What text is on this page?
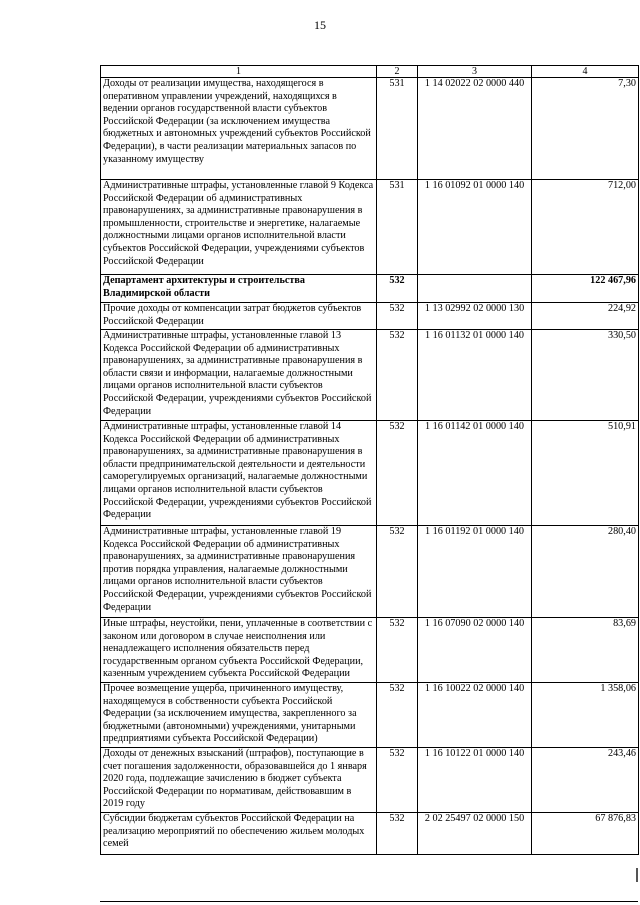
15
1	2	3	4
Доходы от реализации имущества, находящегося в оперативном управлении учреждений, находящихся в ведении органов государственной власти субъектов Российской Федерации (за исключением имущества бюджетных и автономных учреждений субъектов Российской Федерации), в части реализации материальных запасов по указанному имуществу	531	1 14 02022 02 0000 440	7,30
Административные штрафы, установленные главой 9 Кодекса Российской Федерации об административных правонарушениях, за административные правонарушения в промышленности, строительстве и энергетике, налагаемые должностными лицами органов исполнительной власти субъектов Российской Федерации, учреждениями субъектов Российской Федерации	531	1 16 01092 01 0000 140	712,00
Департамент архитектуры и строительства Владимирской области	532		122 467,96
Прочие доходы от компенсации затрат бюджетов субъектов Российской Федерации	532	1 13 02992 02 0000 130	224,92
Административные штрафы, установленные главой 13 Кодекса Российской Федерации об административных правонарушениях, за административные правонарушения в области связи и информации, налагаемые должностными лицами органов исполнительной власти субъектов Российской Федерации, учреждениями субъектов Российской Федерации	532	1 16 01132 01 0000 140	330,50
Административные штрафы, установленные главой 14 Кодекса Российской Федерации об административных правонарушениях, за административные правонарушения в области предпринимательской деятельности и деятельности саморегулируемых организаций, налагаемые должностными лицами органов исполнительной власти субъектов Российской Федерации, учреждениями субъектов Российской Федерации	532	1 16 01142 01 0000 140	510,91
Административные штрафы, установленные главой 19 Кодекса Российской Федерации об административных правонарушениях, за административные правонарушения против порядка управления, налагаемые должностными лицами органов исполнительной власти субъектов Российской Федерации, учреждениями субъектов Российской Федерации	532	1 16 01192 01 0000 140	280,40
Иные штрафы, неустойки, пени, уплаченные в соответствии с законом или договором в случае неисполнения или ненадлежащего исполнения обязательств перед государственным органом субъекта Российской Федерации, казенным учреждением субъекта Российской Федерации	532	1 16 07090 02 0000 140	83,69
Прочее возмещение ущерба, причиненного имуществу, находящемуся в собственности субъекта Российской Федерации (за исключением имущества, закрепленного за бюджетными (автономными) учреждениями, унитарными предприятиями субъекта Российской Федерации)	532	1 16 10022 02 0000 140	1 358,06
Доходы от денежных взысканий (штрафов), поступающие в счет погашения задолженности, образовавшейся до 1 января 2020 года, подлежащие зачислению в бюджет субъекта Российской Федерации по нормативам, действовавшим в 2019 году	532	1 16 10122 01 0000 140	243,46
Субсидии бюджетам субъектов Российской Федерации на реализацию мероприятий по обеспечению жильем молодых семей	532	2 02 25497 02 0000 150	67 876,83
